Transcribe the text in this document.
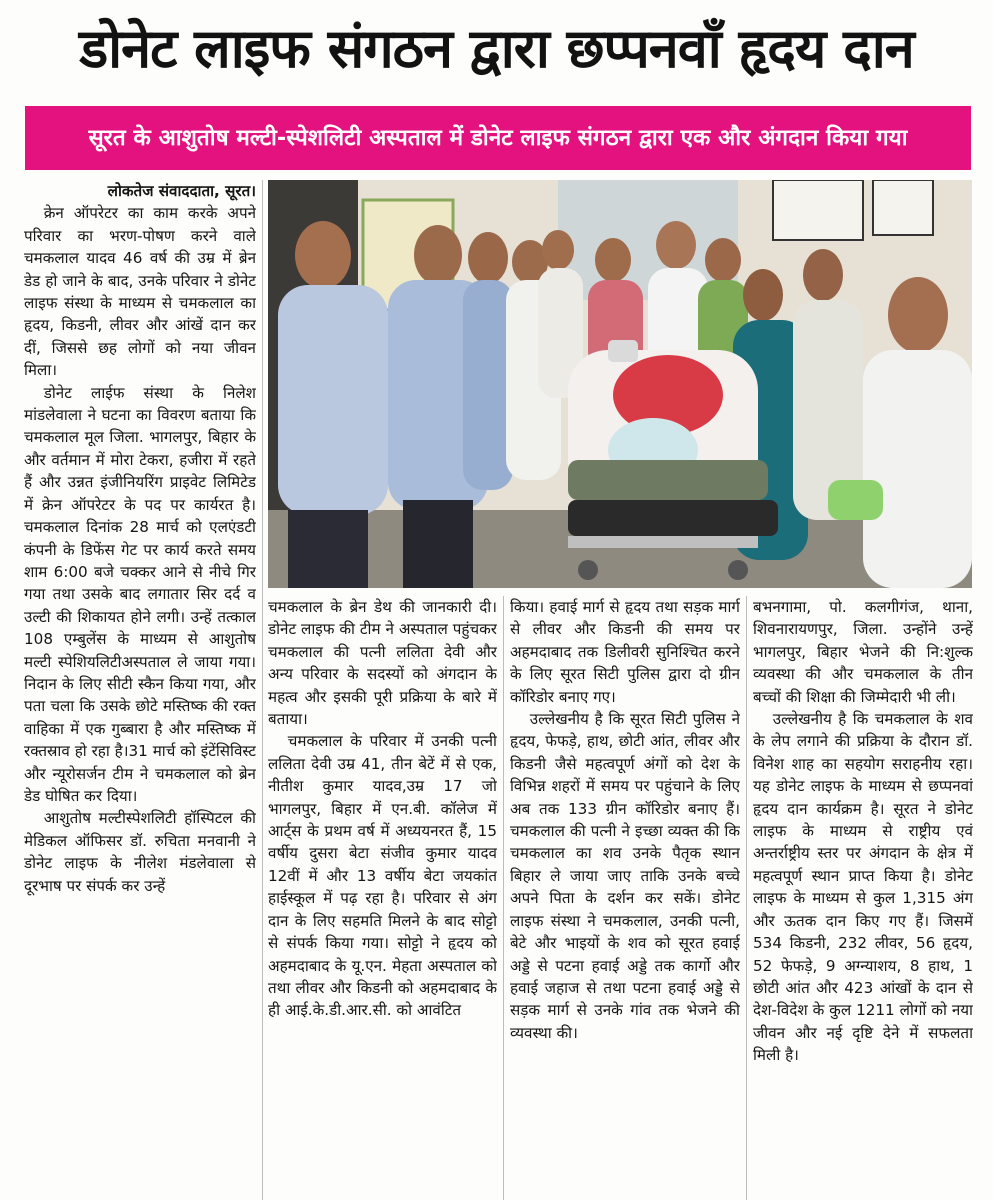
डोनेट लाइफ संगठन द्वारा छप्पनवाँ हृदय दान
सूरत के आशुतोष मल्टी-स्पेशलिटी अस्पताल में डोनेट लाइफ संगठन द्वारा एक और अंगदान किया गया

लोकतेज संवाददाता, सूरत।

क्रेन ऑपरेटर का काम करके अपने परिवार का भरण-पोषण करने वाले चमकलाल यादव 46 वर्ष की उम्र में ब्रेन डेड हो जाने के बाद, उनके परिवार ने डोनेट लाइफ संस्था के माध्यम से चमकलाल का हृदय, किडनी, लीवर और आंखें दान कर दीं, जिससे छह लोगों को नया जीवन मिला।

डोनेट लाईफ संस्था के निलेश मांडलेवाला ने घटना का विवरण बताया कि चमकलाल मूल जिला. भागलपुर, बिहार के और वर्तमान में मोरा टेकरा, हजीरा में रहते हैं और उन्नत इंजीनियरिंग प्राइवेट लिमिटेड में क्रेन ऑपरेटर के पद पर कार्यरत है। चमकलाल दिनांक 28 मार्च को एलएंडटी कंपनी के डिफेंस गेट पर कार्य करते समय शाम 6:00 बजे चक्कर आने से नीचे गिर गया तथा उसके बाद लगातार सिर दर्द व उल्टी की शिकायत होने लगी। उन्हें तत्काल 108 एम्बुलेंस के माध्यम से आशुतोष मल्टी स्पेशियलिटीअस्पताल ले जाया गया। निदान के लिए सीटी स्कैन किया गया, और पता चला कि उसके छोटे मस्तिष्क की रक्त वाहिका में एक गुब्बारा है और मस्तिष्क में रक्तस्राव हो रहा है।31 मार्च को इंटेंसिविस्ट और न्यूरोसर्जन टीम ने चमकलाल को ब्रेन डेड घोषित कर दिया।

आशुतोष मल्टीस्पेशलिटी हॉस्पिटल की मेडिकल ऑफिसर डॉ. रुचिता मनवानी ने डोनेट लाइफ के नीलेश मंडलेवाला से दूरभाष पर संपर्क कर उन्हें

चमकलाल के ब्रेन डेथ की जानकारी दी। डोनेट लाइफ की टीम ने अस्पताल पहुंचकर चमकलाल की पत्नी ललिता देवी और अन्य परिवार के सदस्यों को अंगदान के महत्व और इसकी पूरी प्रक्रिया के बारे में बताया।

चमकलाल के परिवार में उनकी पत्नी ललिता देवी उम्र 41, तीन बेटें में से एक, नीतीश कुमार यादव,उम्र 17 जो भागलपुर, बिहार में एन.बी. कॉलेज में आर्ट्स के प्रथम वर्ष में अध्ययनरत हैं, 15 वर्षीय दुसरा बेटा संजीव कुमार यादव 12वीं में और 13 वर्षीय बेटा जयकांत हाईस्कूल में पढ़ रहा है। परिवार से अंग दान के लिए सहमति मिलने के बाद सोट्टो से संपर्क किया गया। सोट्टो ने हृदय को अहमदाबाद के यू.एन. मेहता अस्पताल को तथा लीवर और किडनी को अहमदाबाद के ही आई.के.डी.आर.सी. को आवंटित

किया। हवाई मार्ग से हृदय तथा सड़क मार्ग से लीवर और किडनी की समय पर अहमदाबाद तक डिलीवरी सुनिश्चित करने के लिए सूरत सिटी पुलिस द्वारा दो ग्रीन कॉरिडोर बनाए गए।

उल्लेखनीय है कि सूरत सिटी पुलिस ने हृदय, फेफड़े, हाथ, छोटी आंत, लीवर और किडनी जैसे महत्वपूर्ण अंगों को देश के विभिन्न शहरों में समय पर पहुंचाने के लिए अब तक 133 ग्रीन कॉरिडोर बनाए हैं। चमकलाल की पत्नी ने इच्छा व्यक्त की कि चमकलाल का शव उनके पैतृक स्थान बिहार ले जाया जाए ताकि उनके बच्चे अपने पिता के दर्शन कर सकें। डोनेट लाइफ संस्था ने चमकलाल, उनकी पत्नी, बेटे और भाइयों के शव को सूरत हवाई अड्डे से पटना हवाई अड्डे तक कार्गो और हवाई जहाज से तथा पटना हवाई अड्डे से सड़क मार्ग से उनके गांव तक भेजने की व्यवस्था की।

बभनगामा, पो. कलगीगंज, थाना, शिवनारायणपुर, जिला. उन्होंने उन्हें भागलपुर, बिहार भेजने की नि:शुल्क व्यवस्था की और चमकलाल के तीन बच्चों की शिक्षा की जिम्मेदारी भी ली।

उल्लेखनीय है कि चमकलाल के शव के लेप लगाने की प्रक्रिया के दौरान डॉ. विनेश शाह का सहयोग सराहनीय रहा।यह डोनेट लाइफ के माध्यम से छप्पनवां हृदय दान कार्यक्रम है। सूरत ने डोनेट लाइफ के माध्यम से राष्ट्रीय एवं अन्तर्राष्ट्रीय स्तर पर अंगदान के क्षेत्र में महत्वपूर्ण स्थान प्राप्त किया है। डोनेट लाइफ के माध्यम से कुल 1,315 अंग और ऊतक दान किए गए हैं। जिसमें 534 किडनी, 232 लीवर, 56 हृदय, 52 फेफड़े, 9 अग्न्याशय, 8 हाथ, 1 छोटी आंत और 423 आंखों के दान से देश-विदेश के कुल 1211 लोगों को नया जीवन और नई दृष्टि देने में सफलता मिली है।
